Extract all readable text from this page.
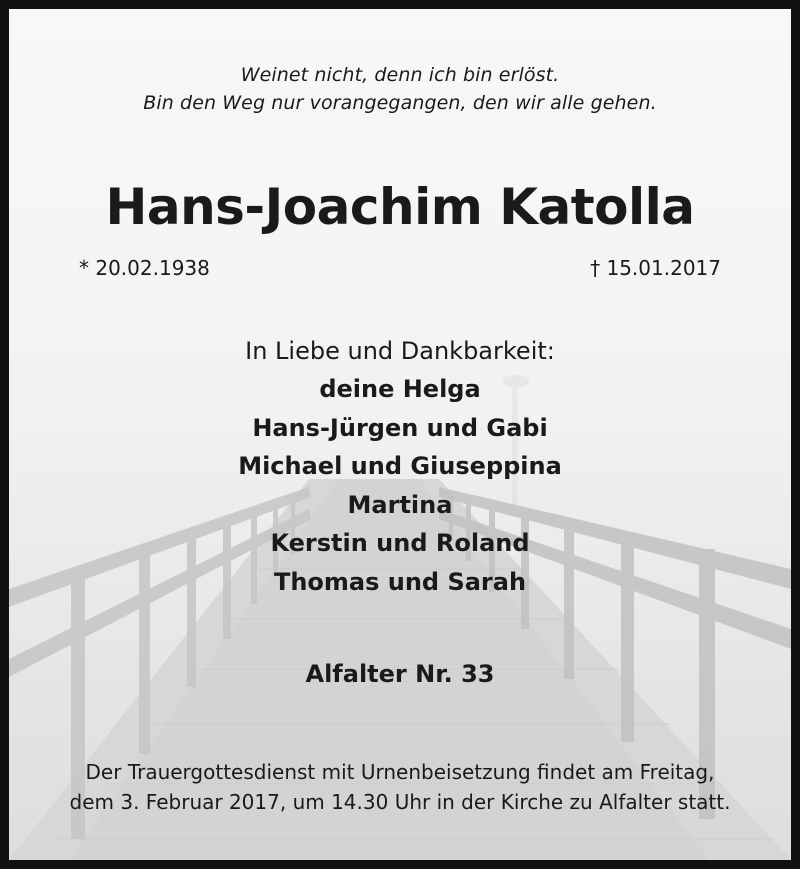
Weinet nicht, denn ich bin erlöst.
Bin den Weg nur vorangegangen, den wir alle gehen.
Hans-Joachim Katolla
* 20.02.1938	† 15.01.2017
In Liebe und Dankbarkeit:
deine Helga
Hans-Jürgen und Gabi
Michael und Giuseppina
Martina
Kerstin und Roland
Thomas und Sarah
Alfalter Nr. 33
Der Trauergottesdienst mit Urnenbeisetzung findet am Freitag,
dem 3. Februar 2017, um 14.30 Uhr in der Kirche zu Alfalter statt.
